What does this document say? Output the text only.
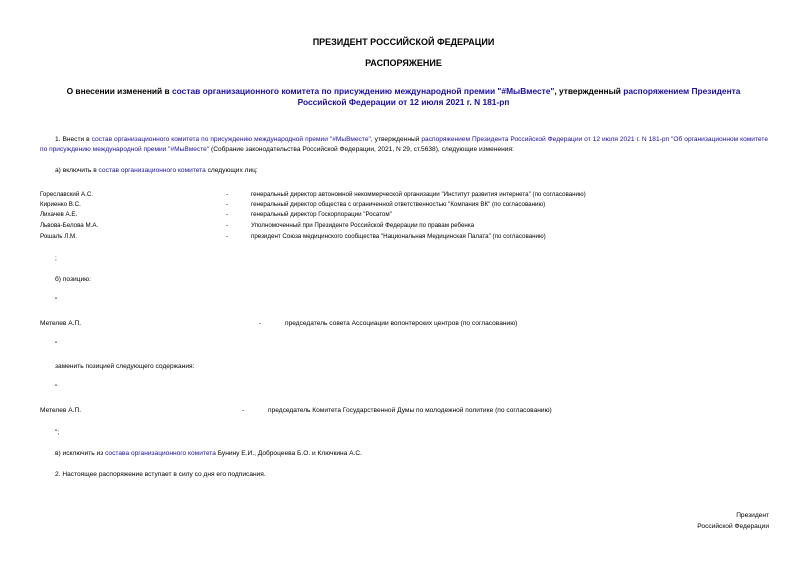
ПРЕЗИДЕНТ РОССИЙСКОЙ ФЕДЕРАЦИИ
РАСПОРЯЖЕНИЕ
О внесении изменений в состав организационного комитета по присуждению международной премии "#МыВместе", утвержденный распоряжением Президента
Российской Федерации от 12 июля 2021 г. N 181-рп
1. Внести в состав организационного комитета по присуждению международной премии "#МыВместе", утвержденный распоряжением Президента Российской Федерации от 12 июля 2021 г. N 181-рп "Об организационном комитете по присуждению международной премии "#МыВместе" (Собрание законодательства Российской Федерации, 2021, N 29, ст.5638), следующие изменения:
а) включить в состав организационного комитета следующих лиц:
Гореславский А.С.	-	генеральный директор автономной некоммерческой организации "Институт развития интернета" (по согласованию)
Кириенко В.С.	-	генеральный директор общества с ограниченной ответственностью "Компания ВК" (по согласованию)
Лихачев А.Е.	-	генеральный директор Госкорпорации "Росатом"
Львова-Белова М.А.	-	Уполномоченный при Президенте Российской Федерации по правам ребенка
Рошаль Л.М.	-	президент Союза медицинского сообщества "Национальная Медицинская Палата" (по согласованию)
;
б) позицию:
"
Метелев А.П.	-	председатель совета Ассоциации волонтерских центров (по согласованию)
"
заменить позицией следующего содержания:
"
Метелев А.П.	-	председатель Комитета Государственной Думы по молодежной политике (по согласованию)
";
в) исключить из состава организационного комитета Бунину Е.И., Доброцеева Б.О. и Ключкина А.С.
2. Настоящее распоряжение вступает в силу со дня его подписания.
Президент
Российской Федерации
